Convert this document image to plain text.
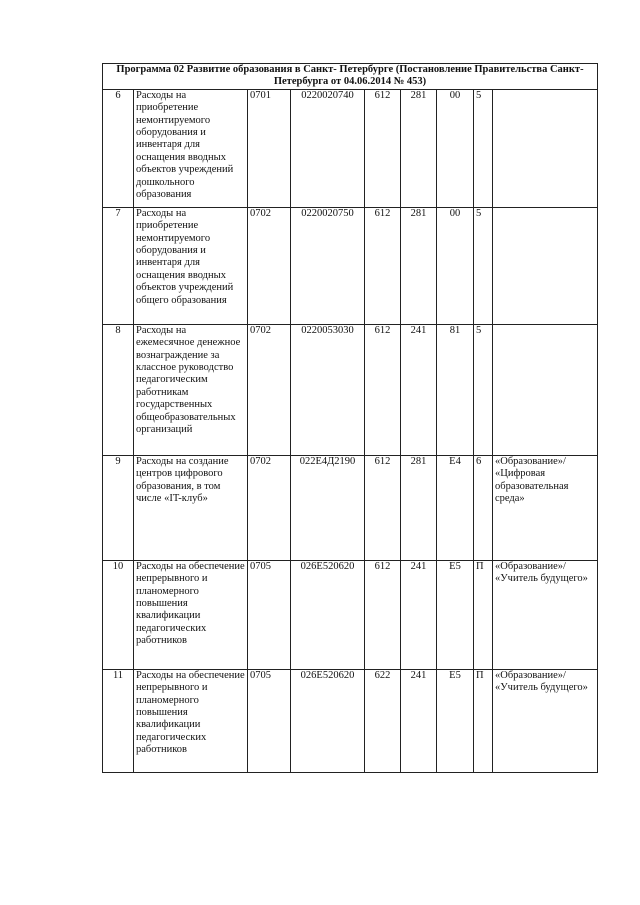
Программа 02 Развитие образования в Санкт- Петербурге (Постановление Правительства Санкт- Петербурга от 04.06.2014 № 453)								
6	Расходы на приобретение немонтируемого оборудования и инвентаря для оснащения вводных объектов учреждений дошкольного образования	0701	0220020740	612	281	00	5	
7	Расходы на приобретение немонтируемого оборудования и инвентаря для оснащения вводных объектов учреждений общего образования	0702	0220020750	612	281	00	5	
8	Расходы на ежемесячное денежное вознаграждение за классное руководство педагогическим работникам государственных общеобразовательных организаций	0702	0220053030	612	241	81	5	
9	Расходы на создание центров цифрового образования, в том числе «IT-клуб»	0702	022Е4Д2190	612	281	Е4	6	«Образование»/ «Цифровая образовательная среда»
10	Расходы на обеспечение непрерывного и планомерного повышения квалификации педагогических работников	0705	026Е520620	612	241	Е5	П	«Образование»/ «Учитель будущего»
11	Расходы на обеспечение непрерывного и планомерного повышения квалификации педагогических работников	0705	026Е520620	622	241	Е5	П	«Образование»/ «Учитель будущего»
